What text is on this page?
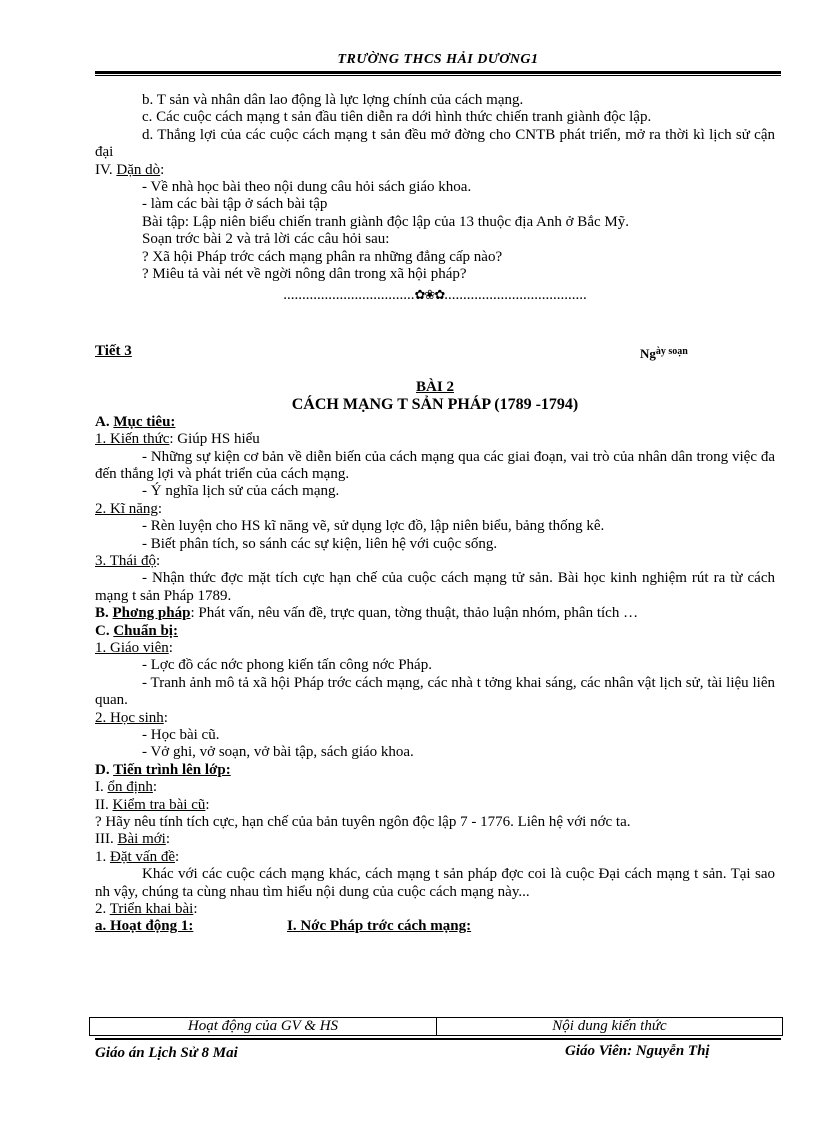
TRƯỜNG THCS HẢI DƯƠNG1

b. T sản và nhân dân lao động là lực lợng chính của cách mạng.

c. Các cuộc cách mạng t sản đầu tiên diễn ra dới hình thức chiến tranh giành độc lập.

d. Thắng lợi của các cuộc cách mạng t sản đều mở đờng cho CNTB phát triển, mở ra thời kì lịch sử cận đại

IV. Dặn dò:

- Về nhà học bài theo nội dung câu hỏi sách giáo khoa.

- làm các bài tập ở sách bài tập

Bài tập: Lập niên biểu chiến tranh giành độc lập của 13 thuộc địa Anh ở Bắc Mỹ.

Soạn trớc bài 2 và trả lời các câu hỏi sau:

? Xã hội Pháp trớc cách mạng phân ra những đẳng cấp nào?

? Miêu tả vài nét về ngời nông dân trong xã hội pháp?

...................................✿❀✿......................................

Tiết 3	$Ng^{ày}$ $^{soạn}$

BÀI 2

CÁCH MẠNG T SẢN PHÁP (1789 -1794)

A. Mục tiêu:

1. Kiến thức: Giúp HS hiểu

- Những sự kiện cơ bản về diễn biến của cách mạng qua các giai đoạn, vai trò của nhân dân trong việc đa đến thắng lợi và phát triển của cách mạng.

- Ý nghĩa lịch sử của cách mạng.

2. Kĩ năng:

- Rèn luyện cho HS kĩ năng vẽ, sử dụng lợc đồ, lập niên biểu, bảng thống kê.

- Biết phân tích, so sánh các sự kiện, liên hệ với cuộc sống.

3. Thái độ:

- Nhận thức đợc mặt tích cực hạn chế của cuộc cách mạng tử sản. Bài học kinh nghiệm rút ra từ cách mạng t sản Pháp 1789.

B. Phơng pháp: Phát vấn, nêu vấn đề, trực quan, tờng thuật, thảo luận nhóm, phân tích …

C. Chuẩn bị:

1. Giáo viên:

- Lợc đồ các nớc phong kiến tấn công nớc Pháp.

- Tranh ảnh mô tả xã hội Pháp trớc cách mạng, các nhà t tởng khai sáng, các nhân vật lịch sử, tài liệu liên quan.

2. Học sinh:

- Học bài cũ.

- Vở ghi, vở soạn, vở bài tập, sách giáo khoa.

D. Tiến trình lên lớp:

I. ổn định:

II. Kiểm tra bài cũ:

? Hãy nêu tính tích cực, hạn chế của bản tuyên ngôn độc lập 7 - 1776. Liên hệ với nớc ta.

III. Bài mới:

1. Đặt vấn đề:

Khác với các cuộc cách mạng khác, cách mạng t sản pháp đợc coi là cuộc Đại cách mạng t sản. Tại sao nh vậy, chúng ta cùng nhau tìm hiểu nội dung của cuộc cách mạng này...

2. Triển khai bài:

a. Hoạt động 1:	I. Nớc Pháp trớc cách mạng:
Hoạt động của GV & HS	Nội dung kiến thức
Giáo án Lịch Sử 8 Mai	Giáo Viên: Nguyễn Thị
